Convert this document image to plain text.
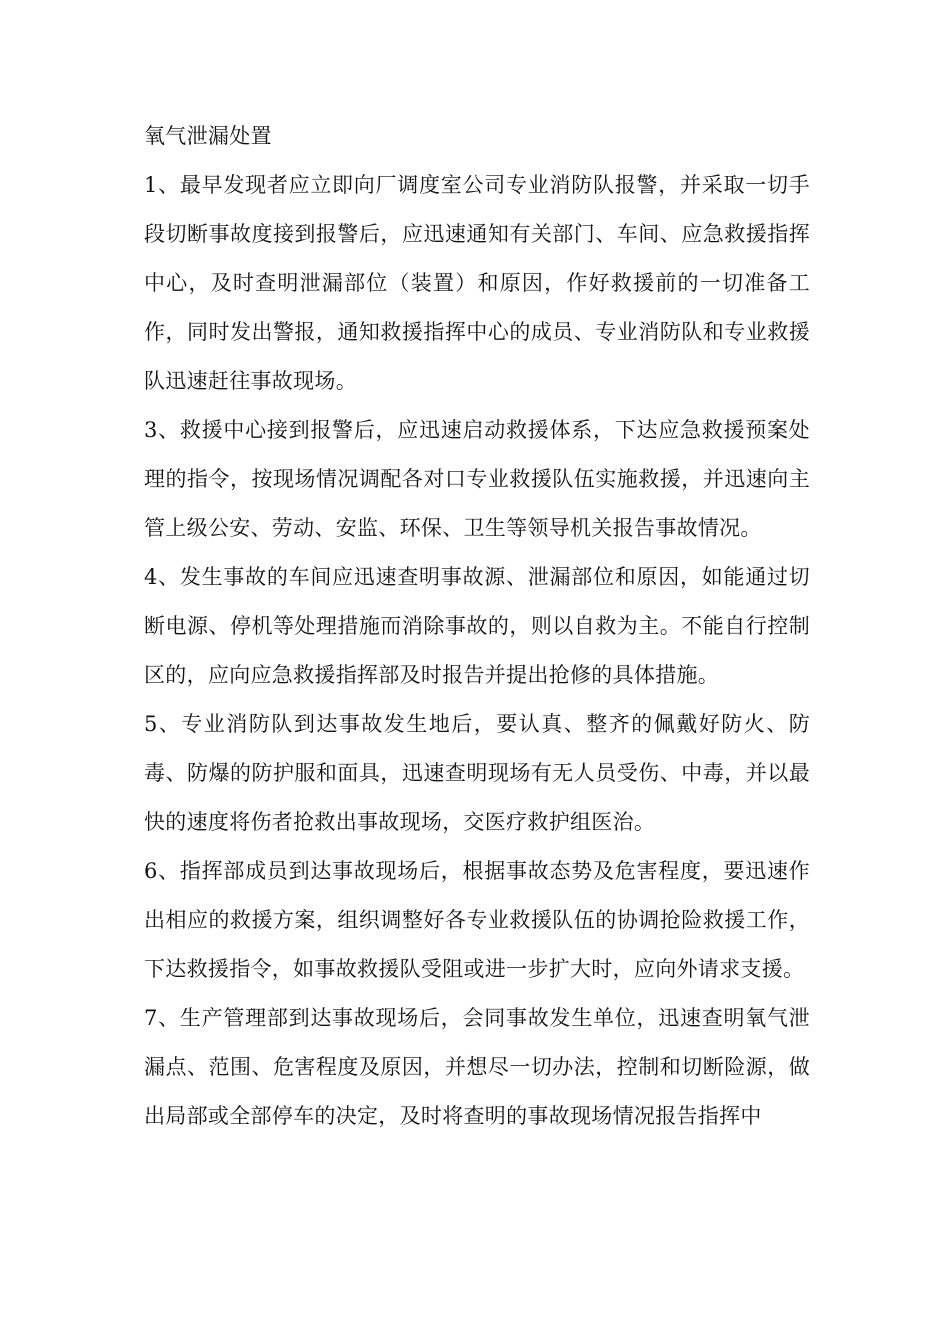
氧气泄漏处置

1、最早发现者应立即向厂调度室公司专业消防队报警，并采取一切手段切断事故度接到报警后，应迅速通知有关部门、车间、应急救援指挥中心，及时查明泄漏部位（装置）和原因，作好救援前的一切准备工作，同时发出警报，通知救援指挥中心的成员、专业消防队和专业救援队迅速赶往事故现场。

3、救援中心接到报警后，应迅速启动救援体系，下达应急救援预案处理的指令，按现场情况调配各对口专业救援队伍实施救援，并迅速向主管上级公安、劳动、安监、环保、卫生等领导机关报告事故情况。

4、发生事故的车间应迅速查明事故源、泄漏部位和原因，如能通过切断电源、停机等处理措施而消除事故的，则以自救为主。不能自行控制区的，应向应急救援指挥部及时报告并提出抢修的具体措施。

5、专业消防队到达事故发生地后，要认真、整齐的佩戴好防火、防毒、防爆的防护服和面具，迅速查明现场有无人员受伤、中毒，并以最快的速度将伤者抢救出事故现场，交医疗救护组医治。

6、指挥部成员到达事故现场后，根据事故态势及危害程度，要迅速作出相应的救援方案，组织调整好各专业救援队伍的协调抢险救援工作，下达救援指令，如事故救援队受阻或进一步扩大时，应向外请求支援。

7、生产管理部到达事故现场后，会同事故发生单位，迅速查明氧气泄漏点、范围、危害程度及原因，并想尽一切办法，控制和切断险源，做出局部或全部停车的决定，及时将查明的事故现场情况报告指挥中
